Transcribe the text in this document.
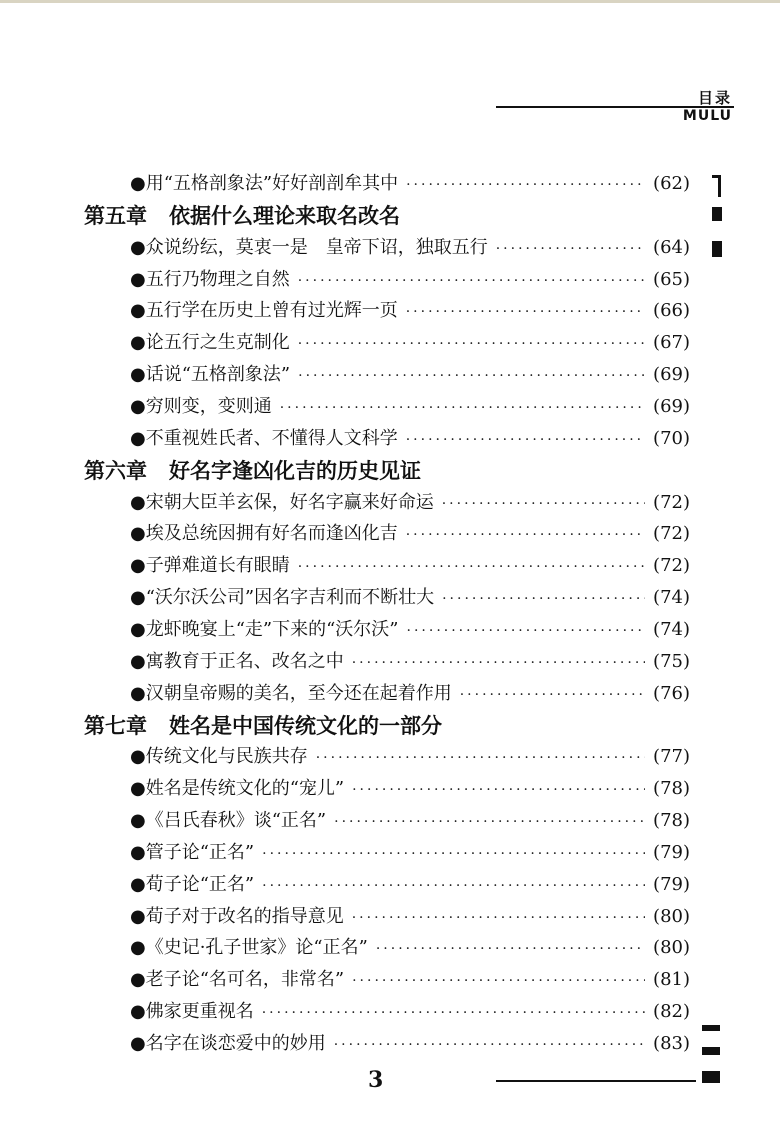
目录
MULU
●用“五格剖象法”好好剖剖牟其中 ·····	(62)
第五章 依据什么理论来取名改名
●众说纷纭，莫衷一是　皇帝下诏，独取五行 ·····	(64)
●五行乃物理之自然 ·····	(65)
●五行学在历史上曾有过光辉一页 ·····	(66)
●论五行之生克制化 ·····	(67)
●话说“五格剖象法” ·····	(69)
●穷则变，变则通 ·····	(69)
●不重视姓氏者、不懂得人文科学 ·····	(70)
第六章 好名字逢凶化吉的历史见证
●宋朝大臣羊玄保，好名字赢来好命运 ·····	(72)
●埃及总统因拥有好名而逢凶化吉 ·····	(72)
●子弹难道长有眼睛 ·····	(72)
●“沃尔沃公司”因名字吉利而不断壮大 ·····	(74)
●龙虾晚宴上“走”下来的“沃尔沃” ·····	(74)
●寓教育于正名、改名之中 ·····	(75)
●汉朝皇帝赐的美名，至今还在起着作用 ·····	(76)
第七章 姓名是中国传统文化的一部分
●传统文化与民族共存 ·····	(77)
●姓名是传统文化的“宠儿” ·····	(78)
●《吕氏春秋》谈“正名” ·····	(78)
●管子论“正名” ·····	(79)
●荀子论“正名” ·····	(79)
●荀子对于改名的指导意见 ·····	(80)
●《史记·孔子世家》论“正名” ·····	(80)
●老子论“名可名，非常名” ·····	(81)
●佛家更重视名 ·····	(82)
●名字在谈恋爱中的妙用 ·····	(83)
3
